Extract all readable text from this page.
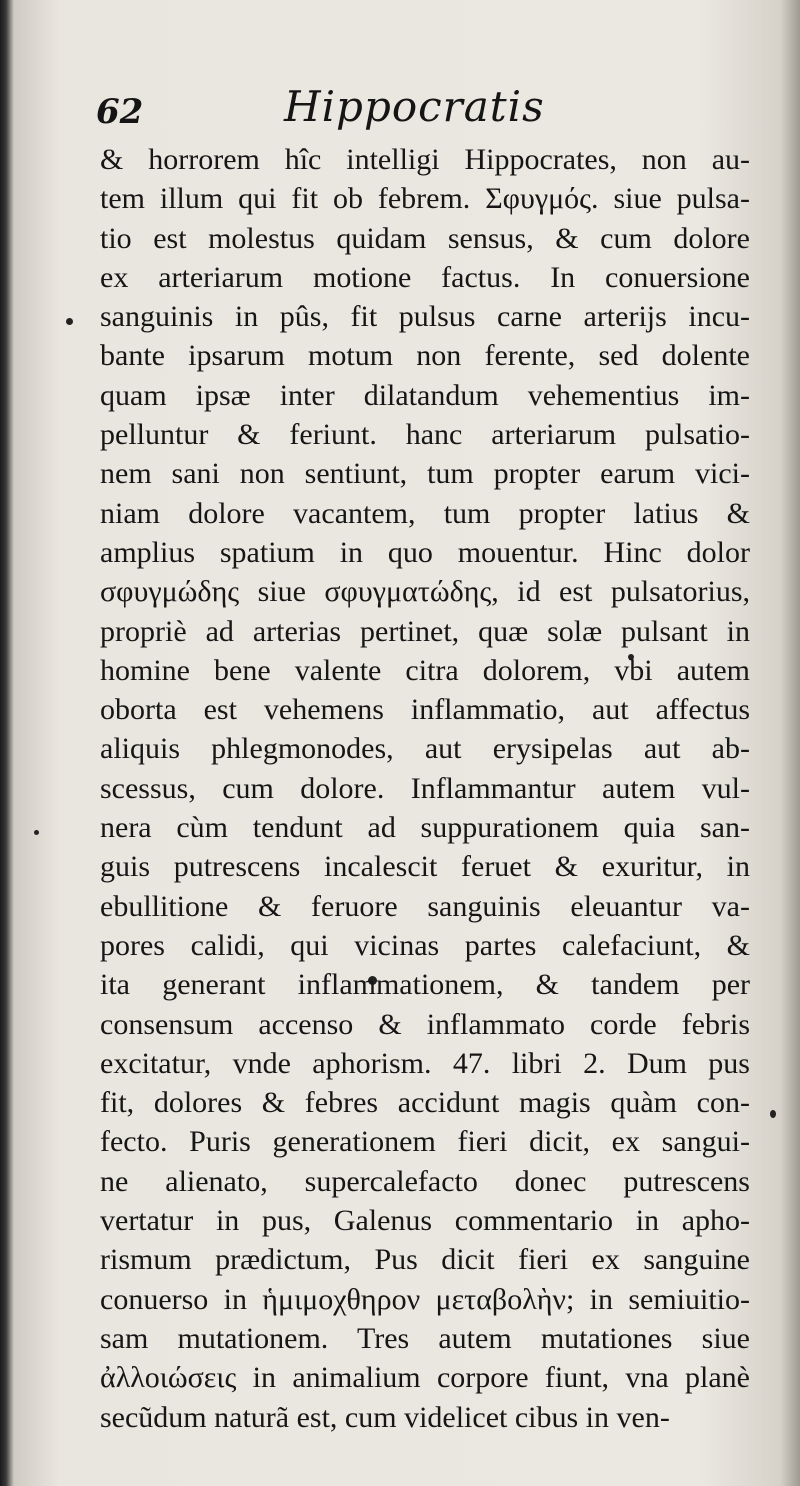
62	Hippocratis
& horrorem hîc intelligi Hippocrates, non au-
tem illum qui fit ob febrem. Σφυγμός. siue pulsa-
tio est molestus quidam sensus, & cum dolore
ex arteriarum motione factus. In conuersione
sanguinis in pûs, fit pulsus carne arterijs incu-
bante ipsarum motum non ferente, sed dolente
quam ipsæ inter dilatandum vehementius im-
pelluntur & feriunt. hanc arteriarum pulsatio-
nem sani non sentiunt, tum propter earum vici-
niam dolore vacantem, tum propter latius &
amplius spatium in quo mouentur. Hinc dolor
σφυγμώδης siue σφυγματώδης, id est pulsatorius,
propriè ad arterias pertinet, quæ solæ pulsant in
homine bene valente citra dolorem, vbi autem
oborta est vehemens inflammatio, aut affectus
aliquis phlegmonodes, aut erysipelas aut ab-
scessus, cum dolore. Inflammantur autem vul-
nera cùm tendunt ad suppurationem quia san-
guis putrescens incalescit feruet & exuritur, in
ebullitione & feruore sanguinis eleuantur va-
pores calidi, qui vicinas partes calefaciunt, &
ita generant inflammationem, & tandem per
consensum accenso & inflammato corde febris
excitatur, vnde aphorism. 47. libri 2. Dum pus
fit, dolores & febres accidunt magis quàm con-
fecto. Puris generationem fieri dicit, ex sangui-
ne alienato, supercalefacto donec putrescens
vertatur in pus, Galenus commentario in apho-
rismum prædictum, Pus dicit fieri ex sanguine
conuerso in ἡμιμοχθηρον μεταβολὴν; in semiuitio-
sam mutationem. Tres autem mutationes siue
ἀλλοιώσεις in animalium corpore fiunt, vna planè
secũdum naturã est, cum videlicet cibus in ven-
